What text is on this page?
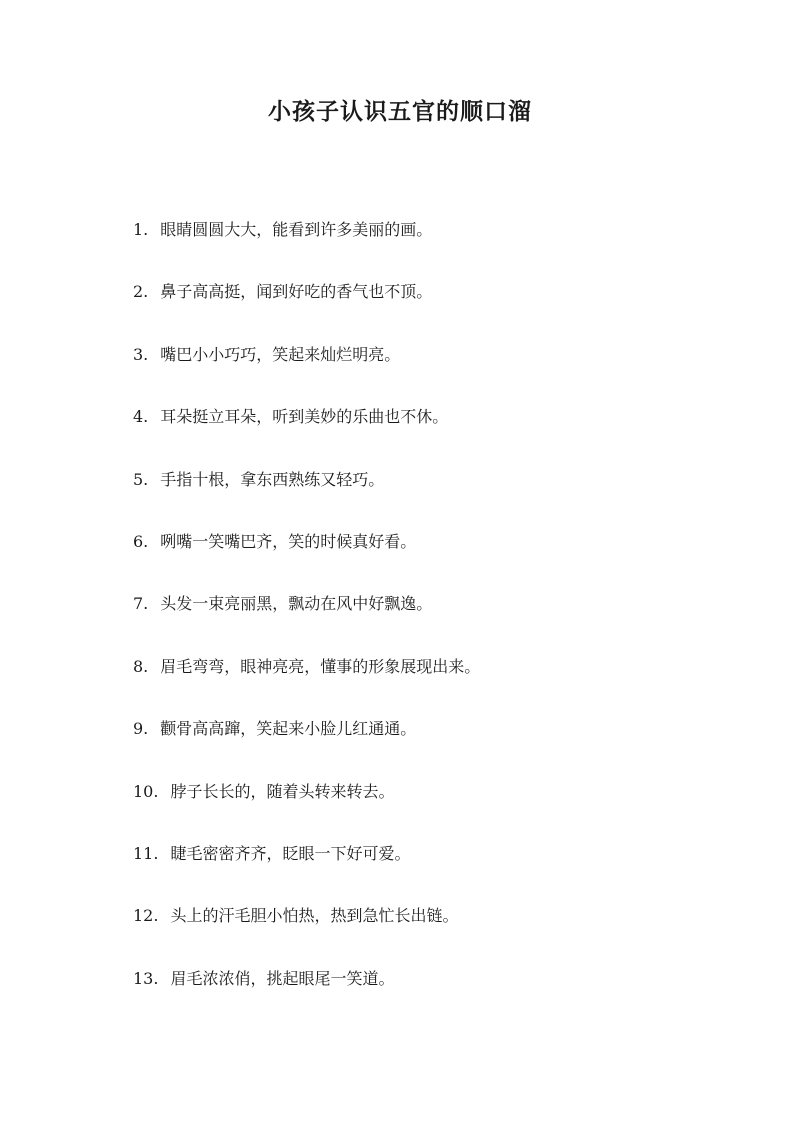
小孩子认识五官的顺口溜
1. 眼睛圆圆大大，能看到许多美丽的画。
2. 鼻子高高挺，闻到好吃的香气也不顶。
3. 嘴巴小小巧巧，笑起来灿烂明亮。
4. 耳朵挺立耳朵，听到美妙的乐曲也不休。
5. 手指十根，拿东西熟练又轻巧。
6. 咧嘴一笑嘴巴齐，笑的时候真好看。
7. 头发一束亮丽黑，飘动在风中好飘逸。
8. 眉毛弯弯，眼神亮亮，懂事的形象展现出来。
9. 颧骨高高蹿，笑起来小脸儿红通通。
10. 脖子长长的，随着头转来转去。
11. 睫毛密密齐齐，眨眼一下好可爱。
12. 头上的汗毛胆小怕热，热到急忙长出链。
13. 眉毛浓浓俏，挑起眼尾一笑道。
